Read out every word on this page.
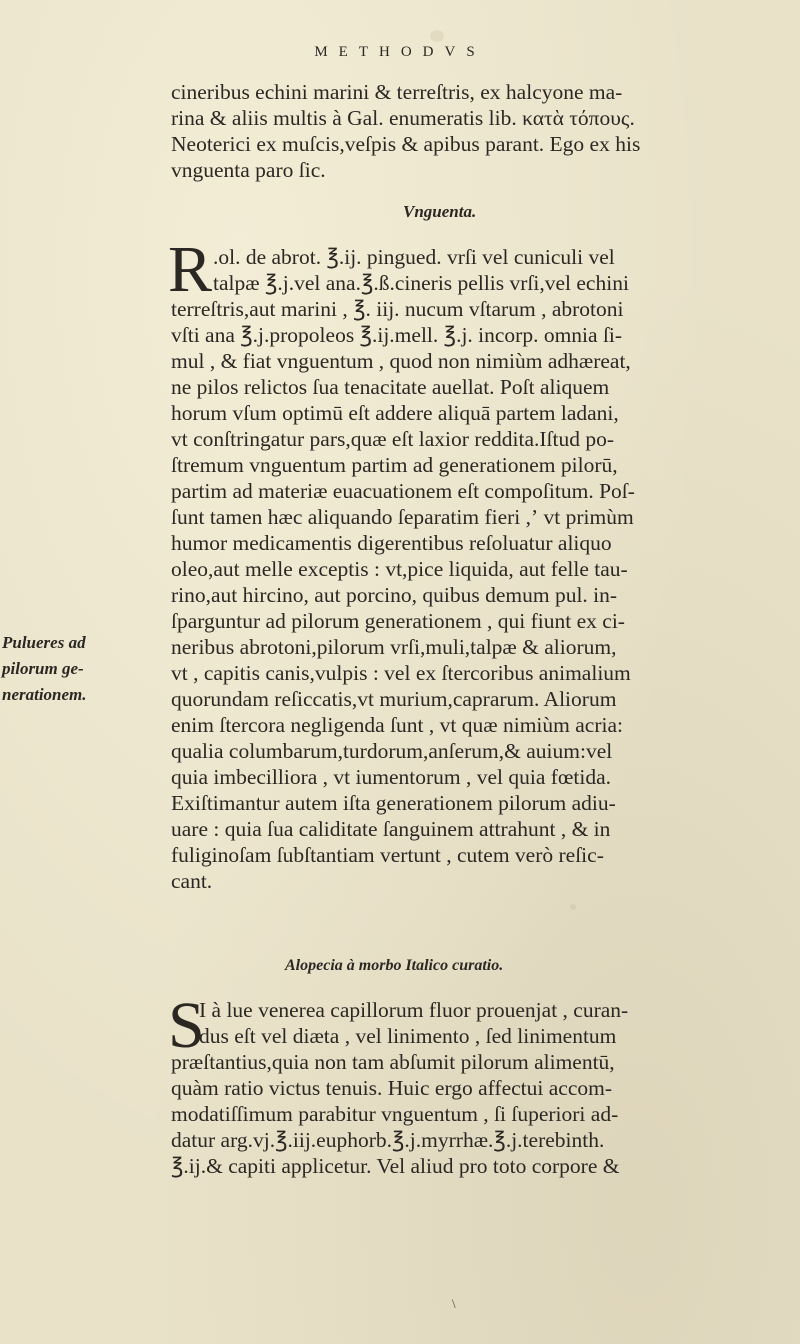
METHODVS
cineribus echini marini & terreſtris, ex halcyone ma-
rina & aliis multis à Gal. enumeratis lib. κατὰ τόπους.
Neoterici ex muſcis,veſpis & apibus parant. Ego ex his
vnguenta paro ſic.
Vnguenta.
R .ol. de abrot. ℥.ij. pingued. vrſi vel cuniculi vel
talpæ ℥.j.vel ana.℥.ß.cineris pellis vrſi,vel echini
terreſtris,aut marini , ℥. iij. nucum vſtarum , abrotoni
vſti ana ℥.j.propoleos ℥.ij.mell. ℥.j. incorp. omnia ſi-
mul , & fiat vnguentum , quod non nimiùm adhæreat,
ne pilos relictos ſua tenacitate auellat. Poſt aliquem
horum vſum optimū eſt addere aliquā partem ladani,
vt conſtringatur pars,quæ eſt laxior reddita.Iſtud po-
ſtremum vnguentum partim ad generationem pilorū,
partim ad materiæ euacuationem eſt compoſitum. Poſ-
ſunt tamen hæc aliquando ſeparatim fieri ,ʼ vt primùm
humor medicamentis digerentibus reſoluatur aliquo
oleo,aut melle exceptis : vt,pice liquida, aut felle tau-
rino,aut hircino, aut porcino, quibus demum pul. in-
ſparguntur ad pilorum generationem , qui fiunt ex ci-
neribus abrotoni,pilorum vrſi,muli,talpæ & aliorum,
vt , capitis canis,vulpis : vel ex ſtercoribus animalium
quorundam reſiccatis,vt murium,caprarum. Aliorum
enim ſtercora negligenda ſunt , vt quæ nimiùm acria:
qualia columbarum,turdorum,anſerum,& auium:vel
quia imbecilliora , vt iumentorum , vel quia fœtida.
Exiſtimantur autem iſta generationem pilorum adiu-
uare : quia ſua caliditate ſanguinem attrahunt , & in
fuliginoſam ſubſtantiam vertunt , cutem verò reſic-
cant.
Pulueres ad
pilorum ge-
nerationem.
Alopecia à morbo Italico curatio.
S
I à lue venerea capillorum fluor prouenjat , curan-
dus eſt vel diæta , vel linimento , ſed linimentum
præſtantius,quia non tam abſumit pilorum alimentū,
quàm ratio victus tenuis. Huic ergo affectui accom-
modatiſſimum parabitur vnguentum , ſi ſuperiori ad-
datur arg.vj.℥.iij.euphorb.℥.j.myrrhæ.℥.j.terebinth.
℥.ij.& capiti applicetur. Vel aliud pro toto corpore &
\
